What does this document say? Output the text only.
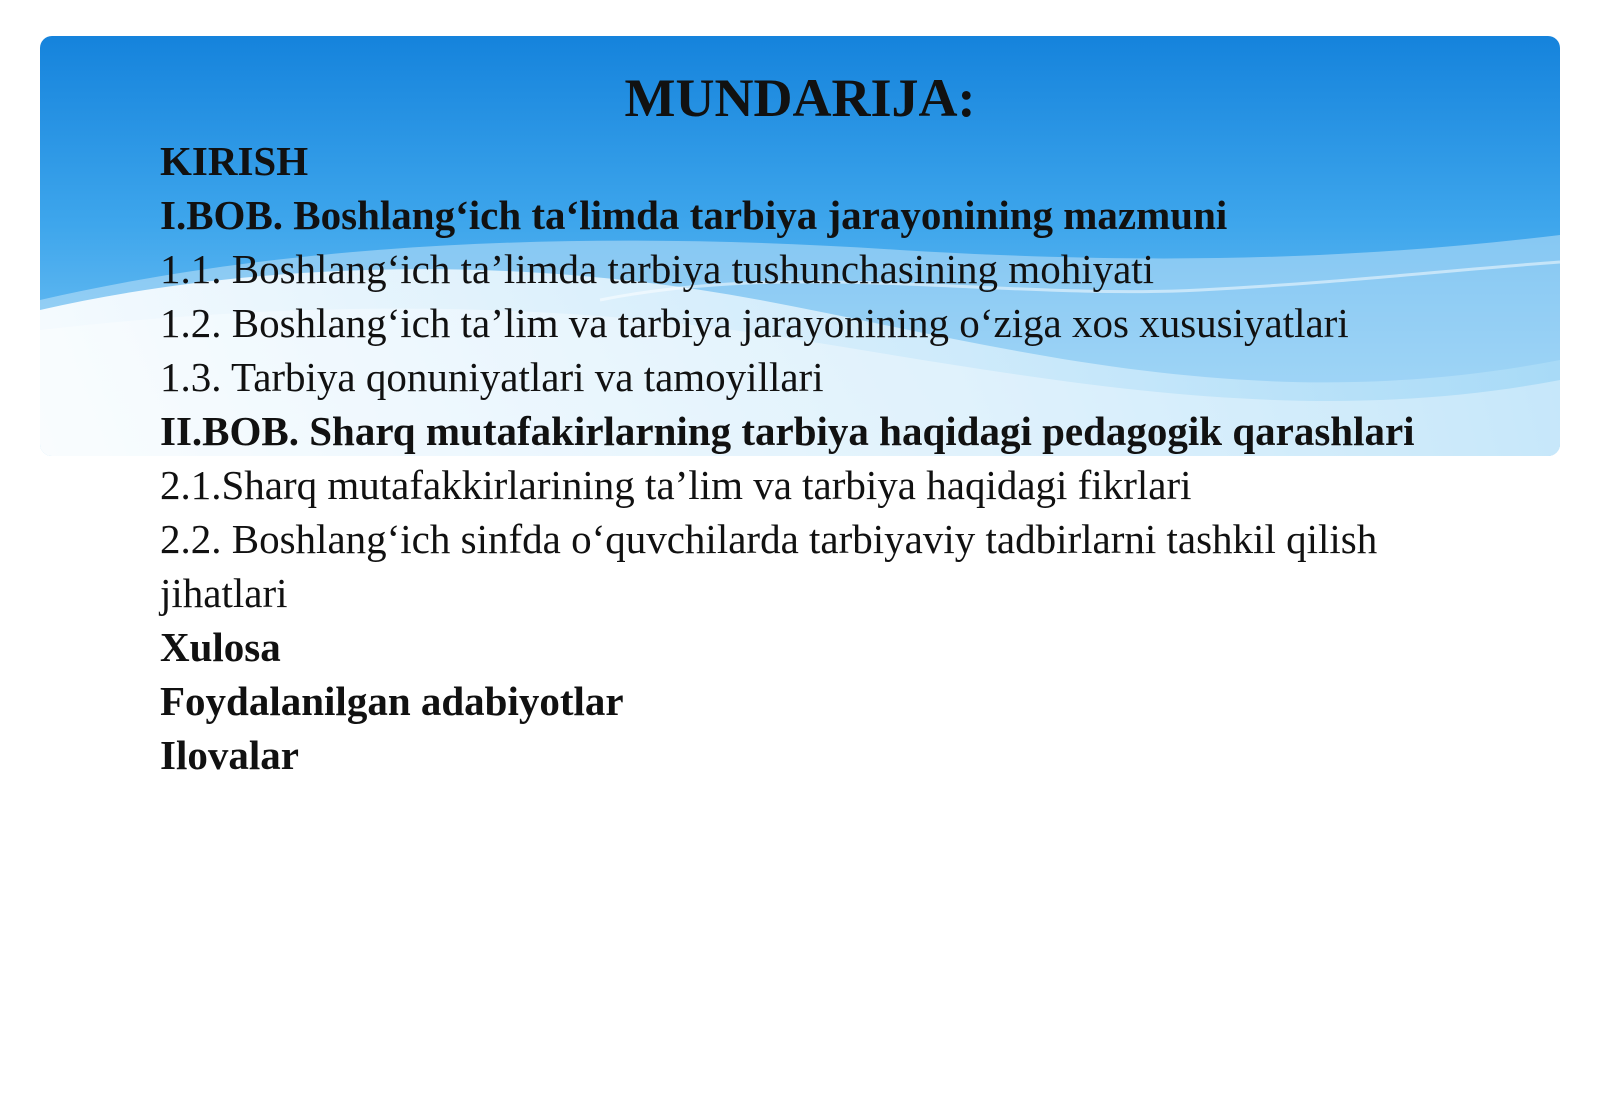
MUNDARIJA:
KIRISH
I.BOB. Boshlang‘ich ta‘limda tarbiya jarayonining mazmuni
1.1. Boshlang‘ich ta’limda tarbiya tushunchasining mohiyati
1.2. Boshlang‘ich ta’lim va tarbiya jarayonining o‘ziga xos xususiyatlari
1.3. Tarbiya qonuniyatlari va tamoyillari
II.BOB. Sharq mutafakirlarning tarbiya haqidagi pedagogik qarashlari
2.1.Sharq mutafakkirlarining ta’lim va tarbiya haqidagi fikrlari
2.2. Boshlang‘ich sinfda o‘quvchilarda tarbiyaviy tadbirlarni tashkil qilish jihatlari
Xulosa
Foydalanilgan adabiyotlar
Ilovalar
